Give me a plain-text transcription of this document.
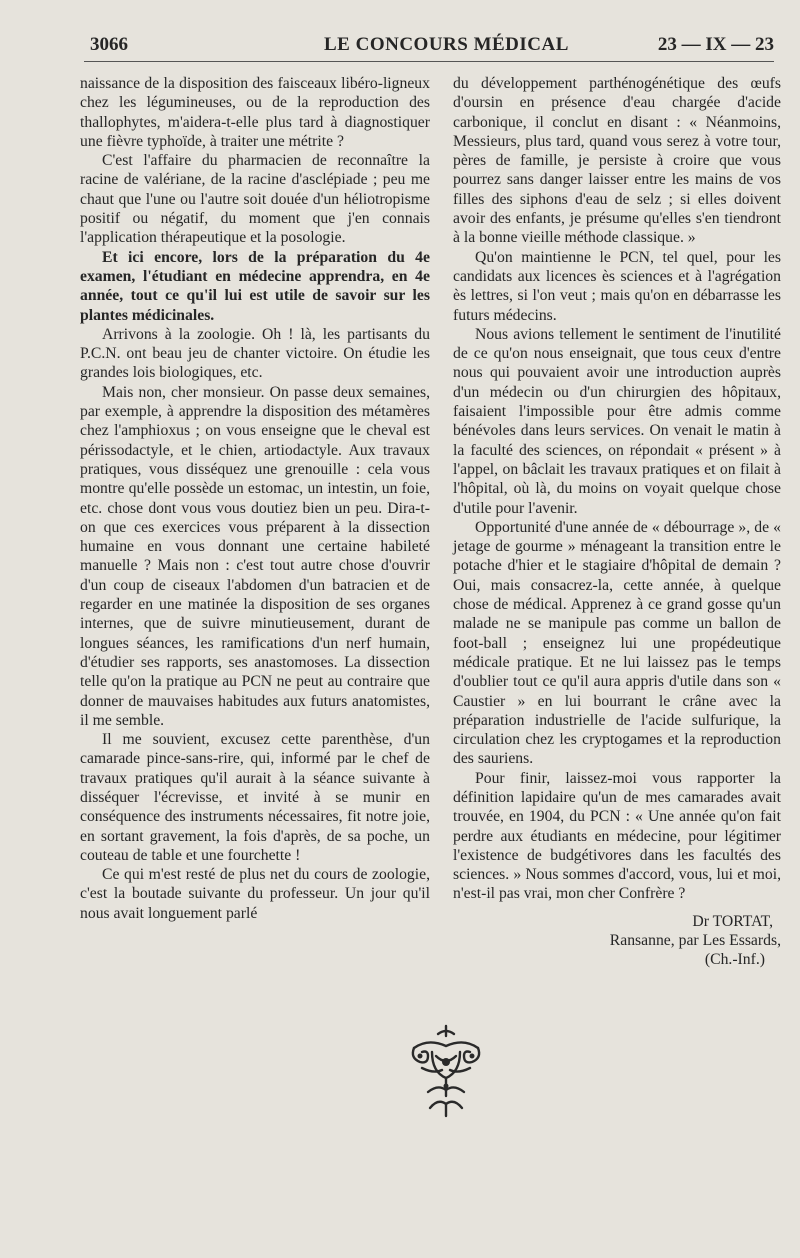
3066	LE CONCOURS MÉDICAL	23 — IX — 23

naissance de la disposition des faisceaux libéro-ligneux chez les légumineuses, ou de la reproduction des thallophytes, m'aidera-t-elle plus tard à diagnostiquer une fièvre typhoïde, à traiter une métrite ?

C'est l'affaire du pharmacien de reconnaître la racine de valériane, de la racine d'asclépiade ; peu me chaut que l'une ou l'autre soit douée d'un héliotropisme positif ou négatif, du moment que j'en connais l'application thérapeutique et la posologie.

Et ici encore, lors de la préparation du 4e examen, l'étudiant en médecine apprendra, en 4e année, tout ce qu'il lui est utile de savoir sur les plantes médicinales.

Arrivons à la zoologie. Oh ! là, les partisants du P.C.N. ont beau jeu de chanter victoire. On étudie les grandes lois biologiques, etc.

Mais non, cher monsieur. On passe deux semaines, par exemple, à apprendre la disposition des métamères chez l'amphioxus ; on vous enseigne que le cheval est périssodactyle, et le chien, artiodactyle. Aux travaux pratiques, vous disséquez une grenouille : cela vous montre qu'elle possède un estomac, un intestin, un foie, etc. chose dont vous vous doutiez bien un peu. Dira-t-on que ces exercices vous préparent à la dissection humaine en vous donnant une certaine habileté manuelle ? Mais non : c'est tout autre chose d'ouvrir d'un coup de ciseaux l'abdomen d'un batracien et de regarder en une matinée la disposition de ses organes internes, que de suivre minutieusement, durant de longues séances, les ramifications d'un nerf humain, d'étudier ses rapports, ses anastomoses. La dissection telle qu'on la pratique au PCN ne peut au contraire que donner de mauvaises habitudes aux futurs anatomistes, il me semble.

Il me souvient, excusez cette parenthèse, d'un camarade pince-sans-rire, qui, informé par le chef de travaux pratiques qu'il aurait à la séance suivante à disséquer l'écrevisse, et invité à se munir en conséquence des instruments nécessaires, fit notre joie, en sortant gravement, la fois d'après, de sa poche, un couteau de table et une fourchette !

Ce qui m'est resté de plus net du cours de zoologie, c'est la boutade suivante du professeur. Un jour qu'il nous avait longuement parlé

du développement parthénogénétique des œufs d'oursin en présence d'eau chargée d'acide carbonique, il conclut en disant : « Néanmoins, Messieurs, plus tard, quand vous serez à votre tour, pères de famille, je persiste à croire que vous pourrez sans danger laisser entre les mains de vos filles des siphons d'eau de selz ; si elles doivent avoir des enfants, je présume qu'elles s'en tiendront à la bonne vieille méthode classique. »

Qu'on maintienne le PCN, tel quel, pour les candidats aux licences ès sciences et à l'agrégation ès lettres, si l'on veut ; mais qu'on en débarrasse les futurs médecins.

Nous avions tellement le sentiment de l'inutilité de ce qu'on nous enseignait, que tous ceux d'entre nous qui pouvaient avoir une introduction auprès d'un médecin ou d'un chirurgien des hôpitaux, faisaient l'impossible pour être admis comme bénévoles dans leurs services. On venait le matin à la faculté des sciences, on répondait « présent » à l'appel, on bâclait les travaux pratiques et on filait à l'hôpital, où là, du moins on voyait quelque chose d'utile pour l'avenir.

Opportunité d'une année de « débourrage », de « jetage de gourme » ménageant la transition entre le potache d'hier et le stagiaire d'hôpital de demain ? Oui, mais consacrez-la, cette année, à quelque chose de médical. Apprenez à ce grand gosse qu'un malade ne se manipule pas comme un ballon de foot-ball ; enseignez lui une propédeutique médicale pratique. Et ne lui laissez pas le temps d'oublier tout ce qu'il aura appris d'utile dans son « Caustier » en lui bourrant le crâne avec la préparation industrielle de l'acide sulfurique, la circulation chez les cryptogames et la reproduction des sauriens.

Pour finir, laissez-moi vous rapporter la définition lapidaire qu'un de mes camarades avait trouvée, en 1904, du PCN : « Une année qu'on fait perdre aux étudiants en médecine, pour légitimer l'existence de budgétivores dans les facultés des sciences. » Nous sommes d'accord, vous, lui et moi, n'est-il pas vrai, mon cher Confrère ?

Dr TORTAT,
Ransanne, par Les Essards,
(Ch.-Inf.)
